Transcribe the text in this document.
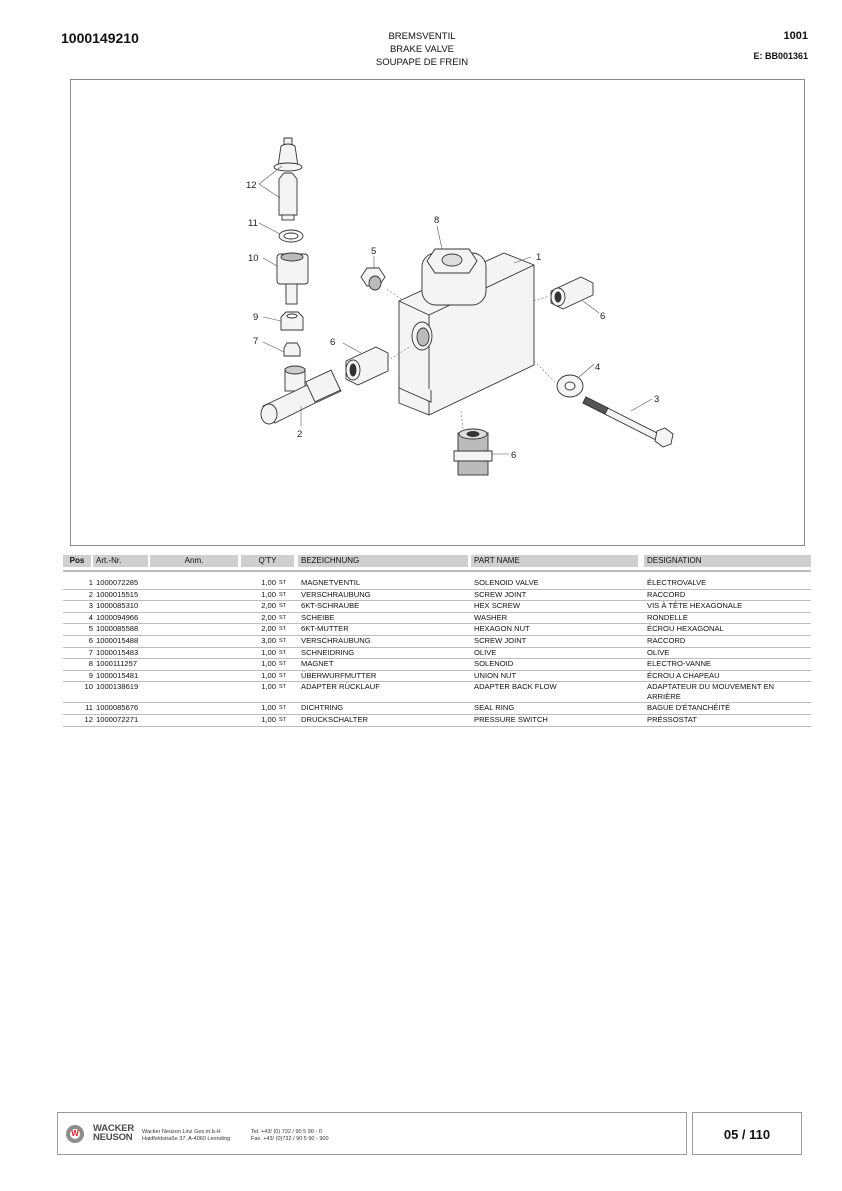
1000149210	BREMSVENTIL
BRAKE VALVE
SOUPAPE DE FREIN
1001
E: BB001361
1
2
3
4
5
6
6
6
7
8
9
10
11
12
Pos	Art.-Nr.	Anm.	Q'TY	BEZEICHNUNG	PART NAME	DESIGNATION
1 1000072285	1,00 ST MAGNETVENTIL	SOLENOID VALVE	ÉLECTROVALVE
2 1000015515	1,00 ST VERSCHRAUBUNG	SCREW JOINT	RACCORD
3 1000085310	2,00 ST 6KT-SCHRAUBE	HEX SCREW	VIS À TÊTE HEXAGONALE
4 1000094966	2,00 ST SCHEIBE	WASHER	RONDELLE
5 1000085588	2,00 ST 6KT-MUTTER	HEXAGON NUT	ÉCROU HEXAGONAL
6 1000015488	3,00 ST VERSCHRAUBUNG	SCREW JOINT	RACCORD
7 1000015483	1,00 ST SCHNEIDRING	OLIVE	OLIVE
8 1000111257	1,00 ST MAGNET	SOLENOID	ELECTRO-VANNE
9 1000015481	1,00 ST ÜBERWURFMUTTER	UNION NUT	ÉCROU A CHAPEAU
10 1000138619	1,00 ST ADAPTER RÜCKLAUF	ADAPTER BACK FLOW	ADAPTATEUR DU MOUVEMENT EN ARRIÈRE
11 1000085676	1,00 ST DICHTRING	SEAL RING	BAGUE D'ÉTANCHÉITÉ
12 1000072271	1,00 ST DRUCKSCHALTER	PRESSURE SWITCH	PRÉSSOSTAT
W WACKER
NEUSON Wacker Neuson Linz Ges.m.b.H.
Haidfeldstraße 37, A-4060 Leonding
Tel. +43/ (0) 732 / 90 5 90 - 0
Fax. +43/ (0)732 / 90 5 90 - 900	05 / 110
